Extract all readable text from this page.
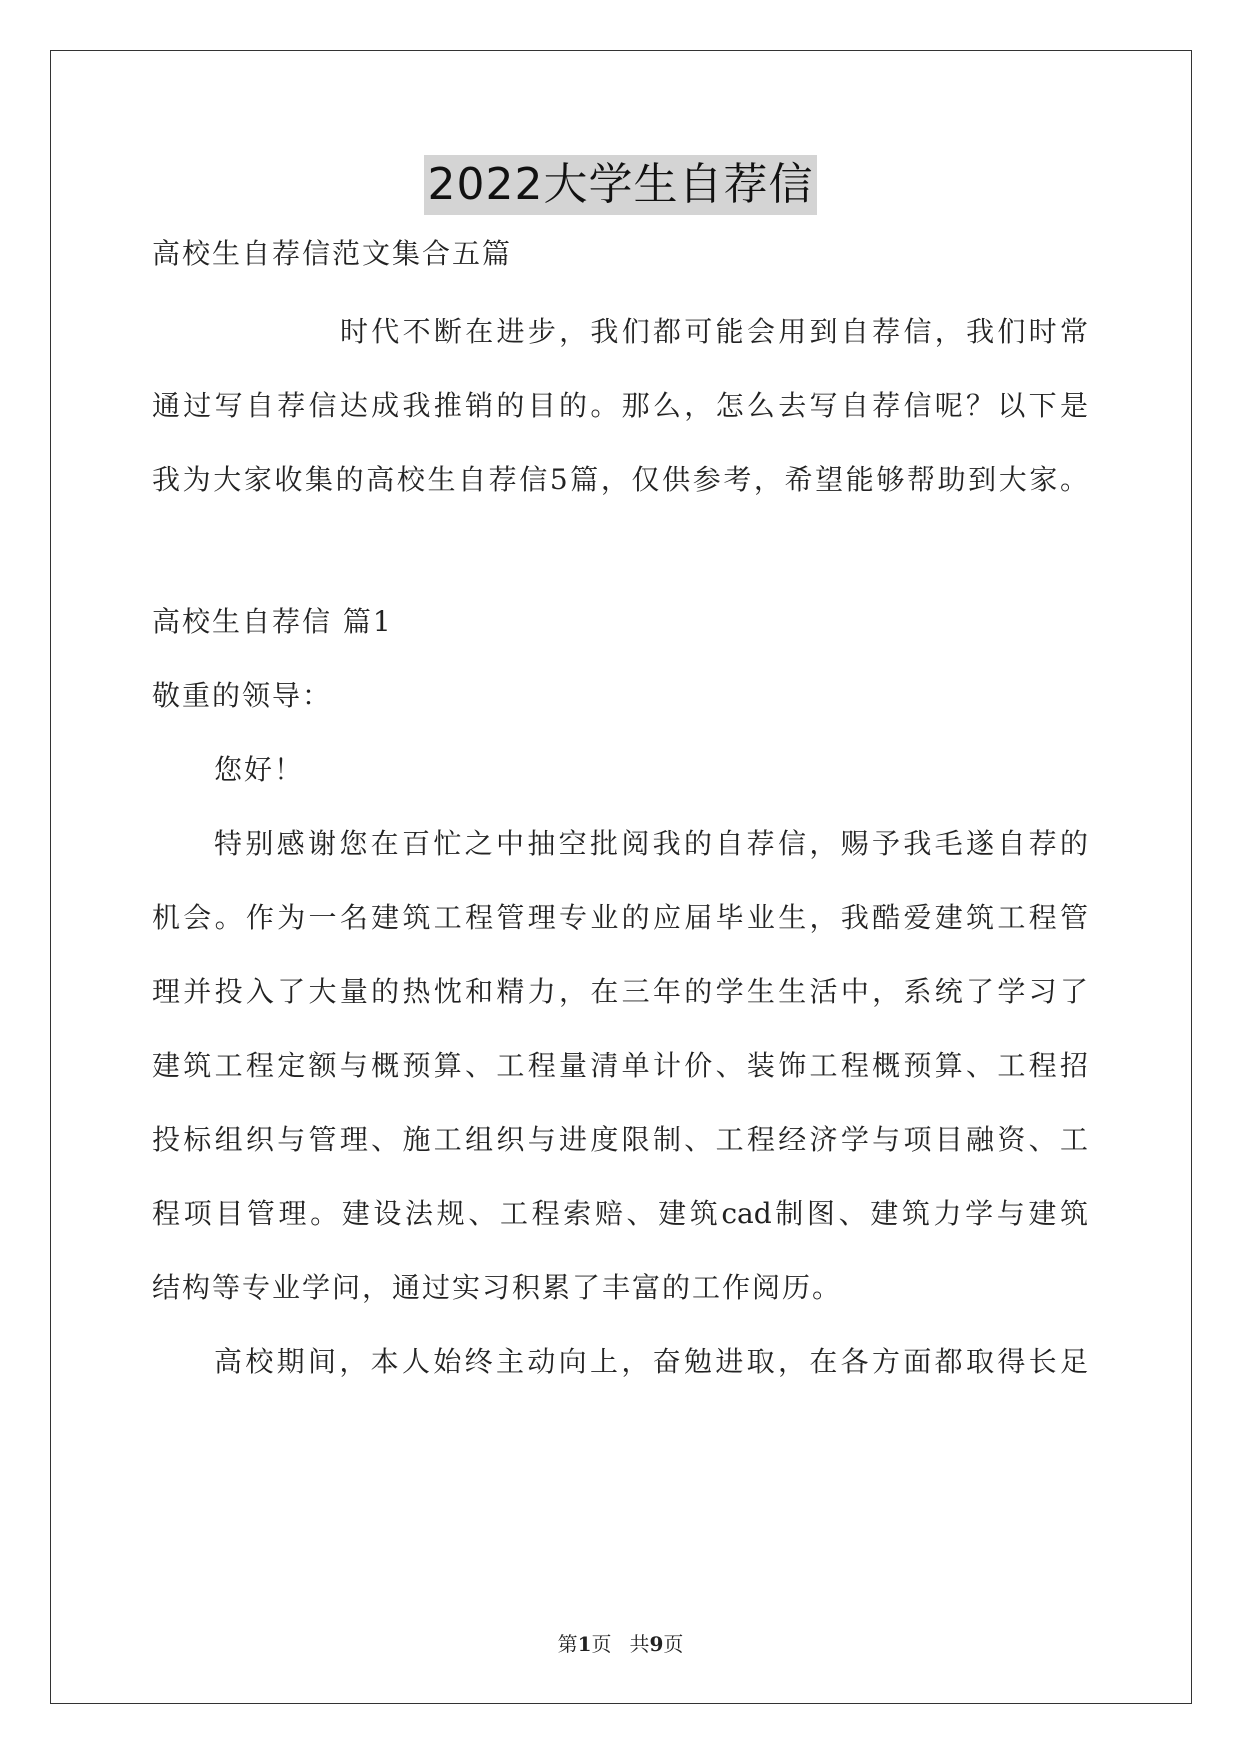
2022大学生自荐信
高校生自荐信范文集合五篇
时代不断在进步，我们都可能会用到自荐信，我们时常
通过写自荐信达成我推销的目的。那么，怎么去写自荐信呢？以下是
我为大家收集的高校生自荐信5篇，仅供参考，希望能够帮助到大家。
高校生自荐信 篇1
敬重的领导：
您好！
特别感谢您在百忙之中抽空批阅我的自荐信，赐予我毛遂自荐的
机会。作为一名建筑工程管理专业的应届毕业生，我酷爱建筑工程管
理并投入了大量的热忱和精力，在三年的学生生活中，系统了学习了
建筑工程定额与概预算、工程量清单计价、装饰工程概预算、工程招
投标组织与管理、施工组织与进度限制、工程经济学与项目融资、工
程项目管理。建设法规、工程索赔、建筑cad制图、建筑力学与建筑
结构等专业学问，通过实习积累了丰富的工作阅历。
高校期间，本人始终主动向上，奋勉进取，在各方面都取得长足
第1页 共9页
